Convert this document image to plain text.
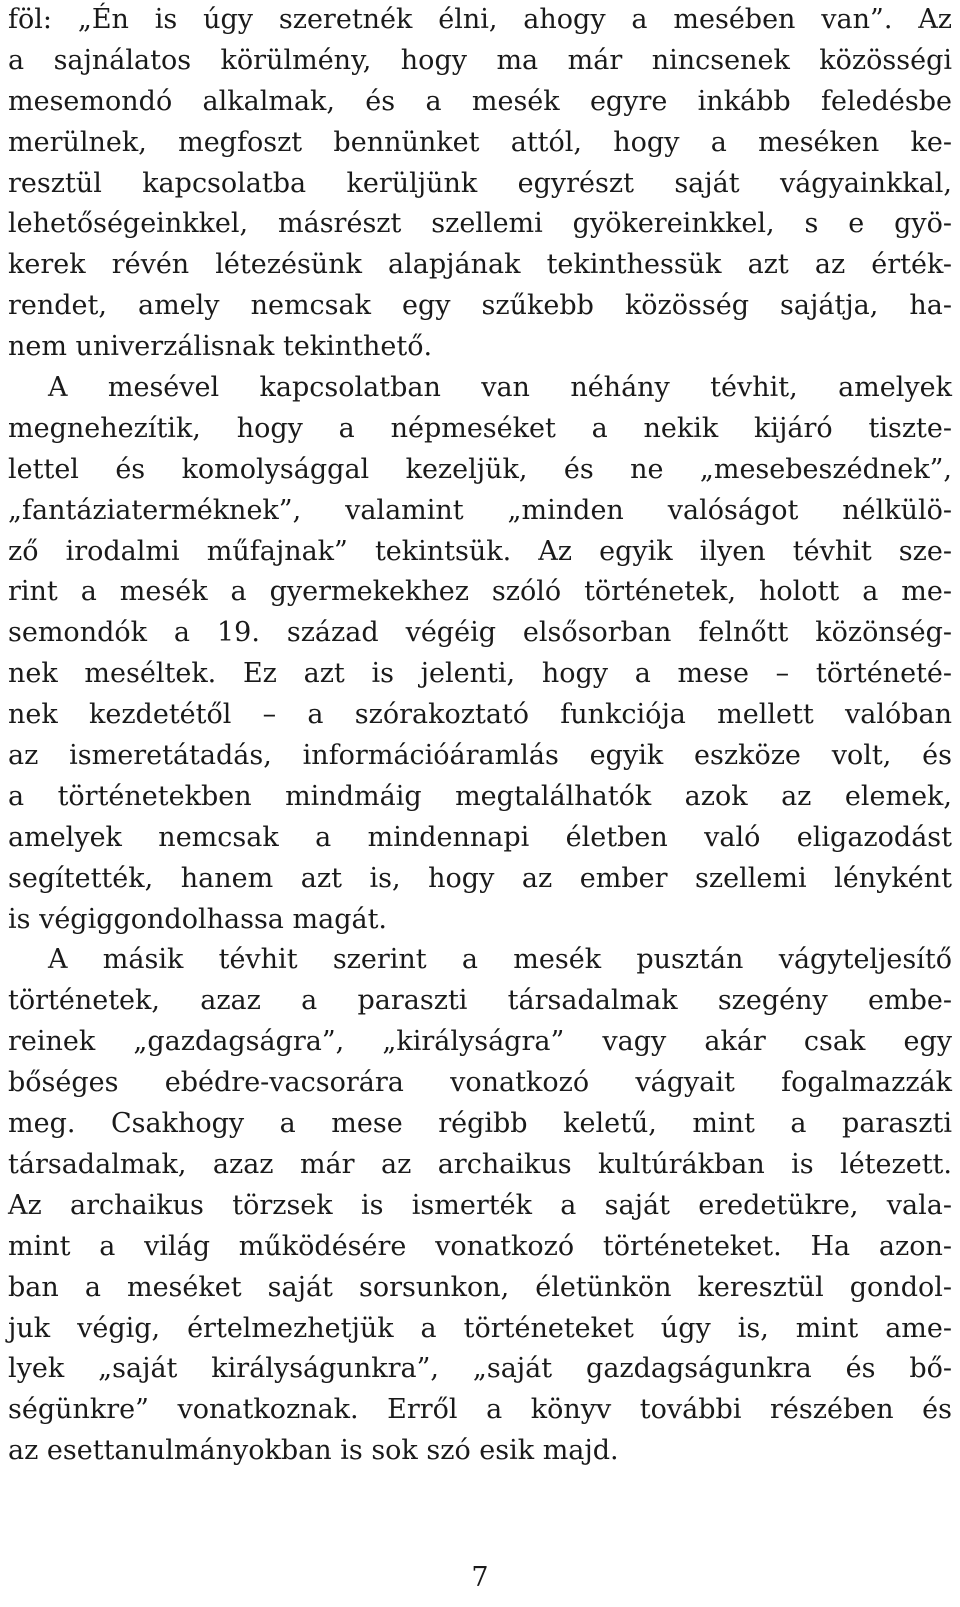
föl: „Én is úgy szeretnék élni, ahogy a mesében van”. Az
a sajnálatos körülmény, hogy ma már nincsenek közösségi
mesemondó alkalmak, és a mesék egyre inkább feledésbe
merülnek, megfoszt bennünket attól, hogy a meséken ke-
resztül kapcsolatba kerüljünk egyrészt saját vágyainkkal,
lehetőségeinkkel, másrészt szellemi gyökereinkkel, s e gyö-
kerek révén létezésünk alapjának tekinthessük azt az érték-
rendet, amely nemcsak egy szűkebb közösség sajátja, ha-
nem univerzálisnak tekinthető.
A mesével kapcsolatban van néhány tévhit, amelyek
megnehezítik, hogy a népmeséket a nekik kijáró tiszte-
lettel és komolysággal kezeljük, és ne „mesebeszédnek”,
„fantáziaterméknek”, valamint „minden valóságot nélkülö-
ző irodalmi műfajnak” tekintsük. Az egyik ilyen tévhit sze-
rint a mesék a gyermekekhez szóló történetek, holott a me-
semondók a 19. század végéig elsősorban felnőtt közönség-
nek meséltek. Ez azt is jelenti, hogy a mese – történeté-
nek kezdetétől – a szórakoztató funkciója mellett valóban
az ismeretátadás, információáramlás egyik eszköze volt, és
a történetekben mindmáig megtalálhatók azok az elemek,
amelyek nemcsak a mindennapi életben való eligazodást
segítették, hanem azt is, hogy az ember szellemi lényként
is végiggondolhassa magát.
A másik tévhit szerint a mesék pusztán vágyteljesítő
történetek, azaz a paraszti társadalmak szegény embe-
reinek „gazdagságra”, „királyságra” vagy akár csak egy
bőséges ebédre-vacsorára vonatkozó vágyait fogalmazzák
meg. Csakhogy a mese régibb keletű, mint a paraszti
társadalmak, azaz már az archaikus kultúrákban is létezett.
Az archaikus törzsek is ismerték a saját eredetükre, vala-
mint a világ működésére vonatkozó történeteket. Ha azon-
ban a meséket saját sorsunkon, életünkön keresztül gondol-
juk végig, értelmezhetjük a történeteket úgy is, mint ame-
lyek „saját királyságunkra”, „saját gazdagságunkra és bő-
ségünkre” vonatkoznak. Erről a könyv további részében és
az esettanulmányokban is sok szó esik majd.
7
